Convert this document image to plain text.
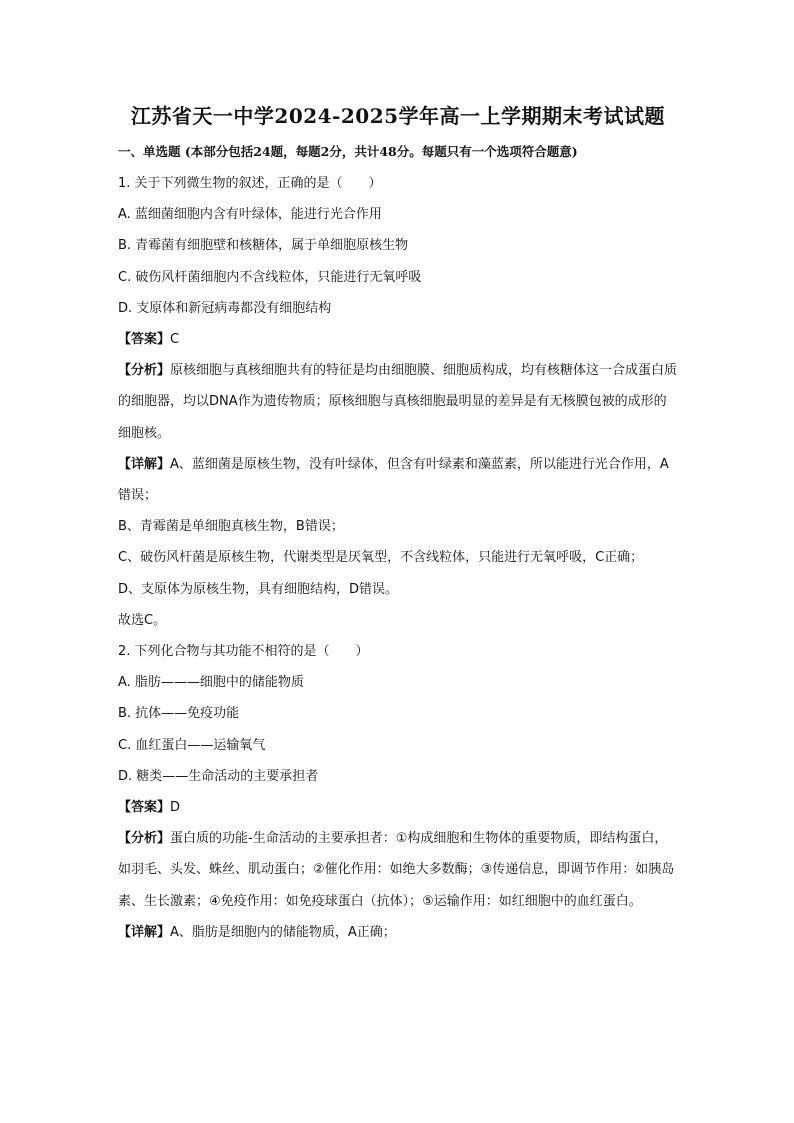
江苏省天一中学2024-2025学年高一上学期期末考试试题
一、单选题 (本部分包括24题，每题2分，共计48分。每题只有一个选项符合题意)

1. 关于下列微生物的叙述，正确的是（　　）

A. 蓝细菌细胞内含有叶绿体，能进行光合作用

B. 青霉菌有细胞壁和核糖体，属于单细胞原核生物

C. 破伤风杆菌细胞内不含线粒体，只能进行无氧呼吸

D. 支原体和新冠病毒都没有细胞结构

【答案】C

【分析】原核细胞与真核细胞共有的特征是均由细胞膜、细胞质构成，均有核糖体这一合成蛋白质的细胞器，均以DNA作为遗传物质；原核细胞与真核细胞最明显的差异是有无核膜包被的成形的细胞核。

【详解】A、蓝细菌是原核生物，没有叶绿体，但含有叶绿素和藻蓝素，所以能进行光合作用，A错误；

B、青霉菌是单细胞真核生物，B错误；

C、破伤风杆菌是原核生物，代谢类型是厌氧型，不含线粒体，只能进行无氧呼吸，C正确；

D、支原体为原核生物，具有细胞结构，D错误。

故选C。

2. 下列化合物与其功能不相符的是（　　）

A. 脂肪———细胞中的储能物质

B. 抗体——免疫功能

C. 血红蛋白——运输氧气

D. 糖类——生命活动的主要承担者

【答案】D

【分析】蛋白质的功能-生命活动的主要承担者：①构成细胞和生物体的重要物质，即结构蛋白，如羽毛、头发、蛛丝、肌动蛋白；②催化作用：如绝大多数酶；③传递信息，即调节作用：如胰岛素、生长激素；④免疫作用：如免疫球蛋白（抗体）；⑤运输作用：如红细胞中的血红蛋白。

【详解】A、脂肪是细胞内的储能物质，A正确；
